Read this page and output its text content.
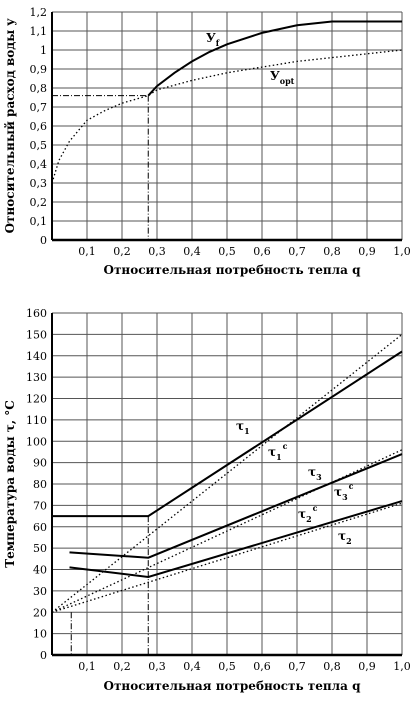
0,1 0,2 0,3 0,4 0,5 0,6 0,7 0,8 0,9 1,0
0
0,1
0,2
0,3
0,4
0,5
0,6
0,7
0,8
0,9
1
1,1
1,2
Относительная потребность тепла q
Относительный расход воды y	$У_f$
$У_{opt}$
0,1 0,2 0,3 0,4 0,5 0,6 0,7 0,8 0,9 1,0
0
10
20
30
40
50
60
70
80
90
100
110
120
130
140
150
160
Относительная потребность тепла q
Температура воды τ, °С	$\tau_1$
$\tau_1^c$
$\tau_3$
$\tau_3^c$
$\tau_2^c$
$\tau_2$
